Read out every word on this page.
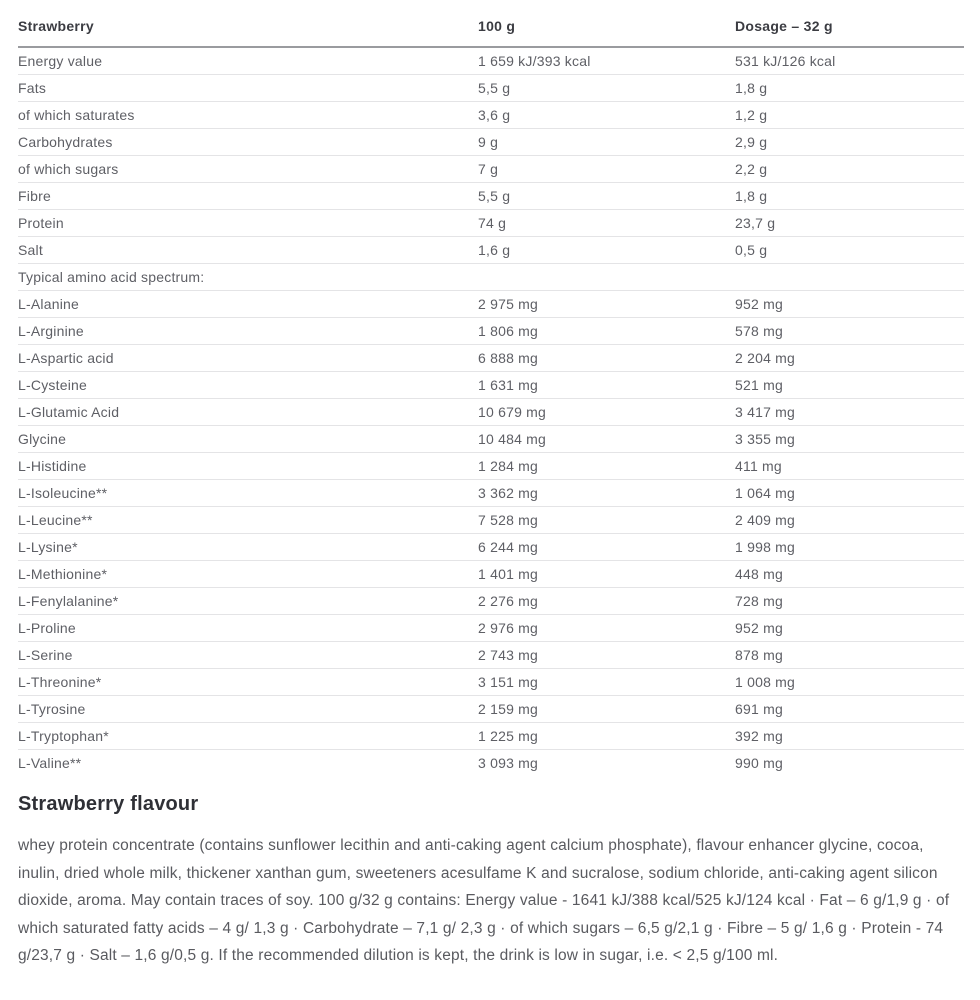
Strawberry	100 g	Dosage – 32 g
Energy value	1 659 kJ/393 kcal	531 kJ/126 kcal
Fats	5,5 g	1,8 g
of which saturates	3,6 g	1,2 g
Carbohydrates	9 g	2,9 g
of which sugars	7 g	2,2 g
Fibre	5,5 g	1,8 g
Protein	74 g	23,7 g
Salt	1,6 g	0,5 g
Typical amino acid spectrum:		
L-Alanine	2 975 mg	952 mg
L-Arginine	1 806 mg	578 mg
L-Aspartic acid	6 888 mg	2 204 mg
L-Cysteine	1 631 mg	521 mg
L-Glutamic Acid	10 679 mg	3 417 mg
Glycine	10 484 mg	3 355 mg
L-Histidine	1 284 mg	411 mg
L-Isoleucine**	3 362 mg	1 064 mg
L-Leucine**	7 528 mg	2 409 mg
L-Lysine*	6 244 mg	1 998 mg
L-Methionine*	1 401 mg	448 mg
L-Fenylalanine*	2 276 mg	728 mg
L-Proline	2 976 mg	952 mg
L-Serine	2 743 mg	878 mg
L-Threonine*	3 151 mg	1 008 mg
L-Tyrosine	2 159 mg	691 mg
L-Tryptophan*	1 225 mg	392 mg
L-Valine**	3 093 mg	990 mg
Strawberry flavour

whey protein concentrate (contains sunflower lecithin and anti-caking agent calcium phosphate), flavour enhancer glycine, cocoa, inulin, dried whole milk, thickener xanthan gum, sweeteners acesulfame K and sucralose, sodium chloride, anti-caking agent silicon dioxide, aroma. May contain traces of soy. 100 g/32 g contains: Energy value - 1641 kJ/388 kcal/525 kJ/124 kcal · Fat – 6 g/1,9 g · of which saturated fatty acids – 4 g/ 1,3 g · Carbohydrate – 7,1 g/ 2,3 g · of which sugars – 6,5 g/2,1 g · Fibre – 5 g/ 1,6 g · Protein - 74 g/23,7 g · Salt – 1,6 g/0,5 g. If the recommended dilution is kept, the drink is low in sugar, i.e. < 2,5 g/100 ml.
